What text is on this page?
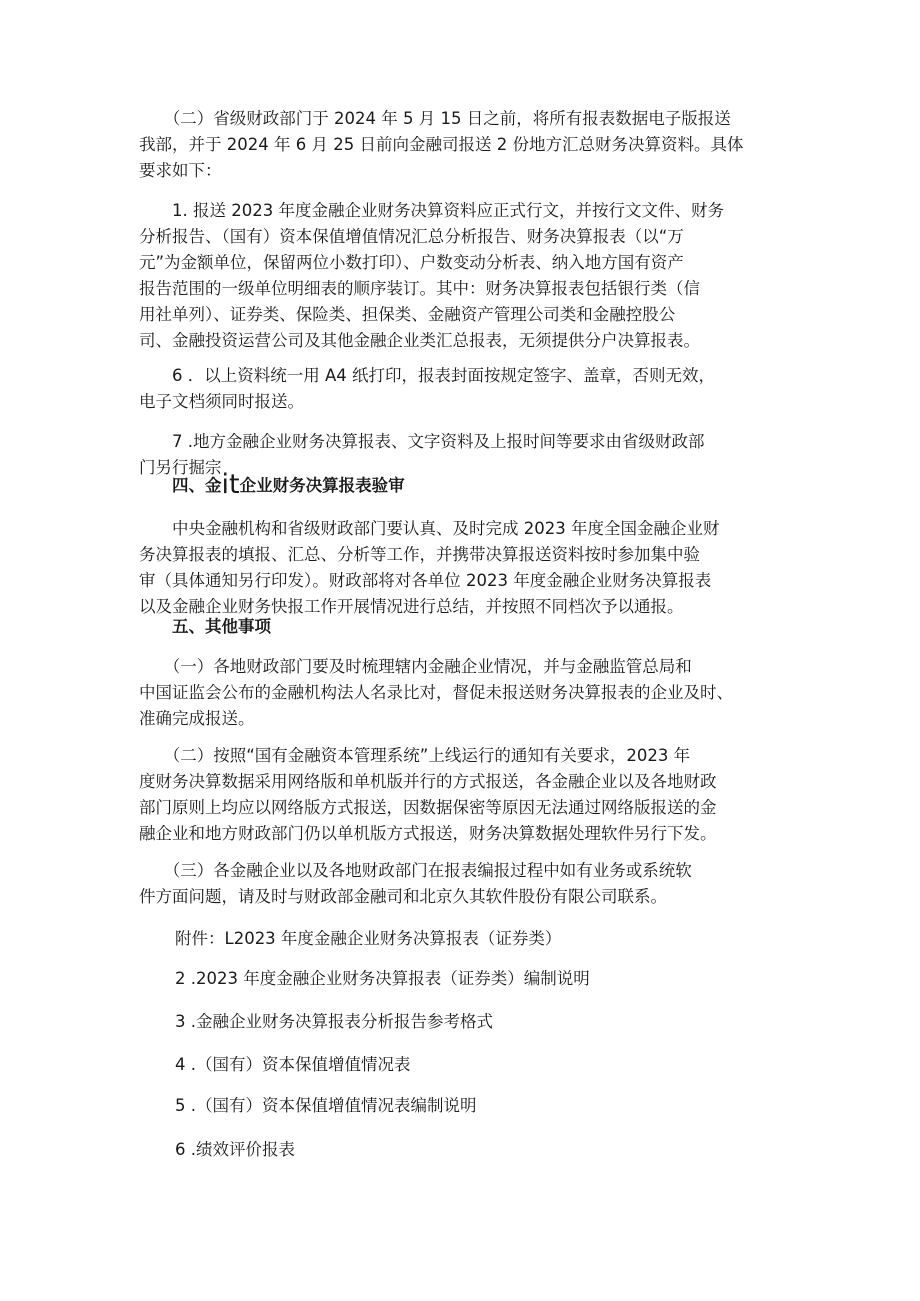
　　（二）省级财政部门于 2024 年 5 月 15 日之前，将所有报表数据电子版报送
我部，并于 2024 年 6 月 25 日前向金融司报送 2 份地方汇总财务决算资料。具体
要求如下：

　　1. 报送 2023 年度金融企业财务决算资料应正式行文，并按行文文件、财务
分析报告、（国有）资本保值增值情况汇总分析报告、财务决算报表（以“万
元”为金额单位，保留两位小数打印）、户数变动分析表、纳入地方国有资产
报告范围的一级单位明细表的顺序装订。其中：财务决算报表包括银行类（信
用社单列）、证券类、保险类、担保类、金融资产管理公司类和金融控股公
司、金融投资运营公司及其他金融企业类汇总报表，无须提供分户决算报表。

　　6 ．以上资料统一用 A4 纸打印，报表封面按规定签字、盖章，否则无效，
电子文档须同时报送。

　　7 .地方金融企业财务决算报表、文字资料及上报时间等要求由省级财政部
门另行掘宗

　　四、金it企业财务决算报表验审

　　中央金融机构和省级财政部门要认真、及时完成 2023 年度全国金融企业财
务决算报表的填报、汇总、分析等工作，并携带决算报送资料按时参加集中验
审（具体通知另行印发）。财政部将对各单位 2023 年度金融企业财务决算报表
以及金融企业财务快报工作开展情况进行总结，并按照不同档次予以通报。

　　五、其他事项

　　（一）各地财政部门要及时梳理辖内金融企业情况，并与金融监管总局和
中国证监会公布的金融机构法人名录比对，督促未报送财务决算报表的企业及时、
准确完成报送。

　　（二）按照“国有金融资本管理系统”上线运行的通知有关要求，2023 年
度财务决算数据采用网络版和单机版并行的方式报送，各金融企业以及各地财政
部门原则上均应以网络版方式报送，因数据保密等原因无法通过网络版报送的金
融企业和地方财政部门仍以单机版方式报送，财务决算数据处理软件另行下发。

　　（三）各金融企业以及各地财政部门在报表编报过程中如有业务或系统软
件方面问题，请及时与财政部金融司和北京久其软件股份有限公司联系。

附件：L2023 年度金融企业财务决算报表（证券类）

2 .2023 年度金融企业财务决算报表（证券类）编制说明

3 .金融企业财务决算报表分析报告参考格式

4 .（国有）资本保值增值情况表

5 .（国有）资本保值增值情况表编制说明

6 .绩效评价报表
